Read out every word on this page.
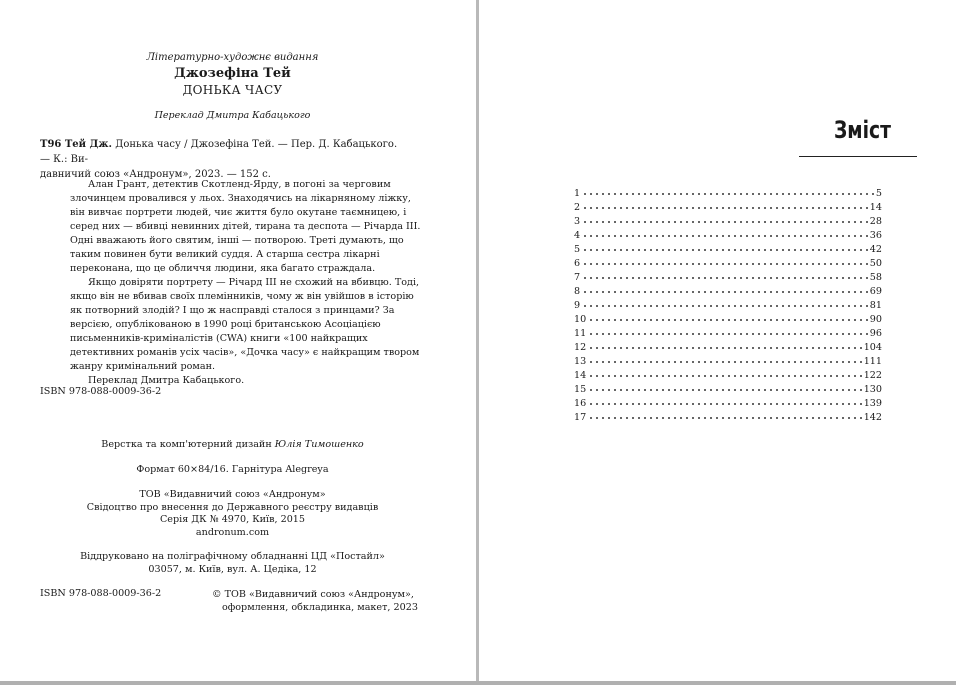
Літературно-художнє видання
Джозефіна Тей
ДОНЬКА ЧАСУ
Переклад Дмитра Кабацького
Т96 Тей Дж. Донька часу / Джозефіна Тей. — Пер. Д. Кабацького. — К.: Ви-
давничий союз «Андронум», 2023. — 152 с.

Алан Грант, детектив Скотленд-Ярду, в погоні за черговим злочинцем провалився у льох. Знаходячись на лікарняному ліжку, він вивчає портрети людей, чиє життя було окутане таємницею, і серед них — вбивці невинних дітей, тирана та деспота — Річарда III. Одні вважають його святим, інші — потворою. Треті думають, що таким повинен бути великий суддя. А старша сестра лікарні переконана, що це обличчя людини, яка багато страждала.

Якщо довіряти портрету — Річард III не схожий на вбивцю. Тоді, якщо він не вбивав своїх племінників, чому ж він увійшов в історію як потворний злодій? І що ж насправді сталося з принцами? За версією, опублікованою в 1990 році британською Асоціацією письменників-криміналістів (CWA) книги «100 найкращих детективних романів усіх часів», «Дочка часу» є найкращим твором жанру кримінальний роман.

Переклад Дмитра Кабацького.

ISBN 978-088-0009-36-2
Верстка та комп'ютерний дизайн Юлія Тимошенко
Формат 60×84/16. Гарнітура Alegreya
ТОВ «Видавничий союз «Андронум»
Свідоцтво про внесення до Державного реєстру видавців
Серія ДК № 4970, Київ, 2015
andronum.com
Віддруковано на поліграфічному обладнанні ЦД «Постайл»
03057, м. Київ, вул. А. Цедіка, 12
ISBN 978-088-0009-36-2	© ТОВ «Видавничий союз «Андронум»,
оформлення, обкладинка, макет, 2023
Зміст
1	5
2	14
3	28
4	36
5	42
6	50
7	58
8	69
9	81
10	90
11	96
12	104
13	111
14	122
15	130
16	139
17	142
